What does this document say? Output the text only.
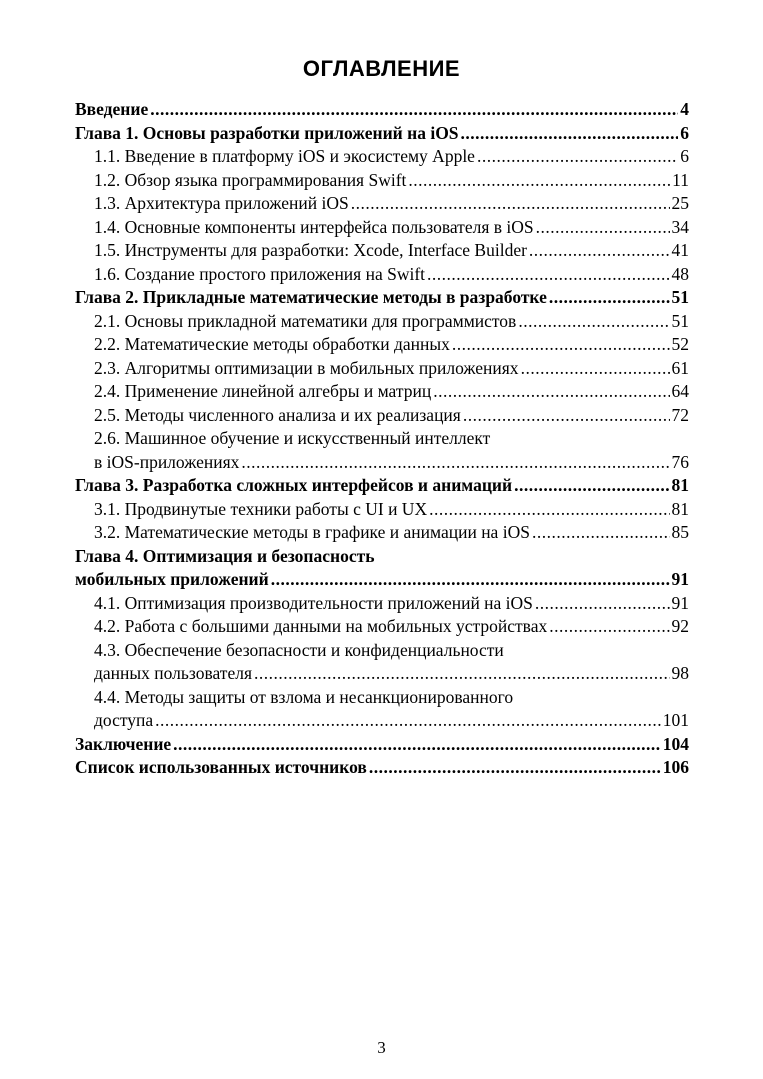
ОГЛАВЛЕНИЕ
Введение .....	4
Глава 1. Основы разработки приложений на iOS .....	6
1.1. Введение в платформу iOS и экосистему Apple .....	6
1.2. Обзор языка программирования Swift .....	11
1.3. Архитектура приложений iOS .....	25
1.4. Основные компоненты интерфейса пользователя в iOS .....	34
1.5. Инструменты для разработки: Xcode, Interface Builder .....	41
1.6. Создание простого приложения на Swift .....	48
Глава 2. Прикладные математические методы в разработке .....	51
2.1. Основы прикладной математики для программистов .....	51
2.2. Математические методы обработки данных .....	52
2.3. Алгоритмы оптимизации в мобильных приложениях .....	61
2.4. Применение линейной алгебры и матриц .....	64
2.5. Методы численного анализа и их реализация .....	72
2.6. Машинное обучение и искусственный интеллект
в iOS-приложениях .....	76
Глава 3. Разработка сложных интерфейсов и анимаций .....	81
3.1. Продвинутые техники работы с UI и UX .....	81
3.2. Математические методы в графике и анимации на iOS .....	85
Глава 4. Оптимизация и безопасность
мобильных приложений .....	91
4.1. Оптимизация производительности приложений на iOS .....	91
4.2. Работа с большими данными на мобильных устройствах .....	92
4.3. Обеспечение безопасности и конфиденциальности
данных пользователя .....	98
4.4. Методы защиты от взлома и несанкционированного
доступа .....	101
Заключение .....	104
Список использованных источников .....	106
3
